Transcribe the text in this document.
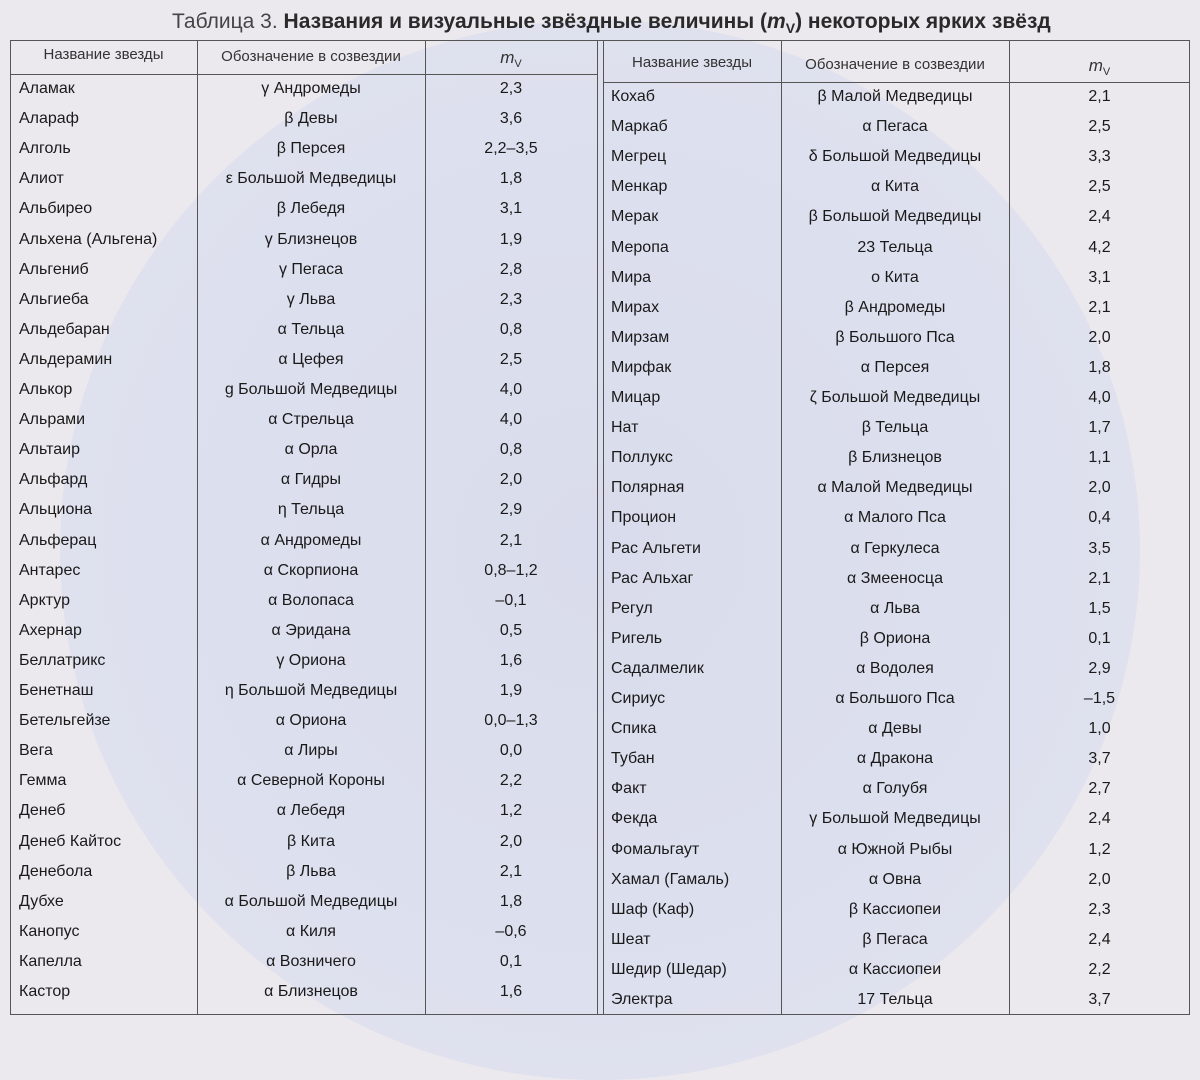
Таблица 3. Названия и визуальные звёздные величины $(m_V)$ некоторых ярких звёзд
Название звезды	Обозначение в созвездии	$m_V$	Название звезды	Обозначение в созвездии	$m_V$
Аламак	γ Андромеды	2,3
Алараф	β Девы	3,6
Алголь	β Персея	2,2–3,5
Алиот	ε Большой Медведицы	1,8
Альбирео	β Лебедя	3,1
Альхена (Альгена)	γ Близнецов	1,9
Альгениб	γ Пегаса	2,8
Альгиеба	γ Льва	2,3
Альдебаран	α Тельца	0,8
Альдерамин	α Цефея	2,5
Алькор	g Большой Медведицы	4,0
Альрами	α Стрельца	4,0
Альтаир	α Орла	0,8
Альфард	α Гидры	2,0
Альциона	η Тельца	2,9
Альферац	α Андромеды	2,1
Антарес	α Скорпиона	0,8–1,2
Арктур	α Волопаса	–0,1
Ахернар	α Эридана	0,5
Беллатрикс	γ Ориона	1,6
Бенетнаш	η Большой Медведицы	1,9
Бетельгейзе	α Ориона	0,0–1,3
Вега	α Лиры	0,0
Гемма	α Северной Короны	2,2
Денеб	α Лебедя	1,2
Денеб Кайтос	β Кита	2,0
Денебола	β Льва	2,1
Дубхе	α Большой Медведицы	1,8
Канопус	α Киля	–0,6
Капелла	α Возничего	0,1
Кастор	α Близнецов	1,6
Кохаб	β Малой Медведицы	2,1
Маркаб	α Пегаса	2,5
Мегрец	δ Большой Медведицы	3,3
Менкар	α Кита	2,5
Мерак	β Большой Медведицы	2,4
Меропа	23 Тельца	4,2
Мира	ο Кита	3,1
Мирах	β Андромеды	2,1
Мирзам	β Большого Пса	2,0
Мирфак	α Персея	1,8
Мицар	ζ Большой Медведицы	4,0
Нат	β Тельца	1,7
Поллукс	β Близнецов	1,1
Полярная	α Малой Медведицы	2,0
Процион	α Малого Пса	0,4
Рас Альгети	α Геркулеса	3,5
Рас Альхаг	α Змееносца	2,1
Регул	α Льва	1,5
Ригель	β Ориона	0,1
Садалмелик	α Водолея	2,9
Сириус	α Большого Пса	–1,5
Спика	α Девы	1,0
Тубан	α Дракона	3,7
Факт	α Голубя	2,7
Фекда	γ Большой Медведицы	2,4
Фомальгаут	α Южной Рыбы	1,2
Хамал (Гамаль)	α Овна	2,0
Шаф (Каф)	β Кассиопеи	2,3
Шеат	β Пегаса	2,4
Шедир (Шедар)	α Кассиопеи	2,2
Электра	17 Тельца	3,7
